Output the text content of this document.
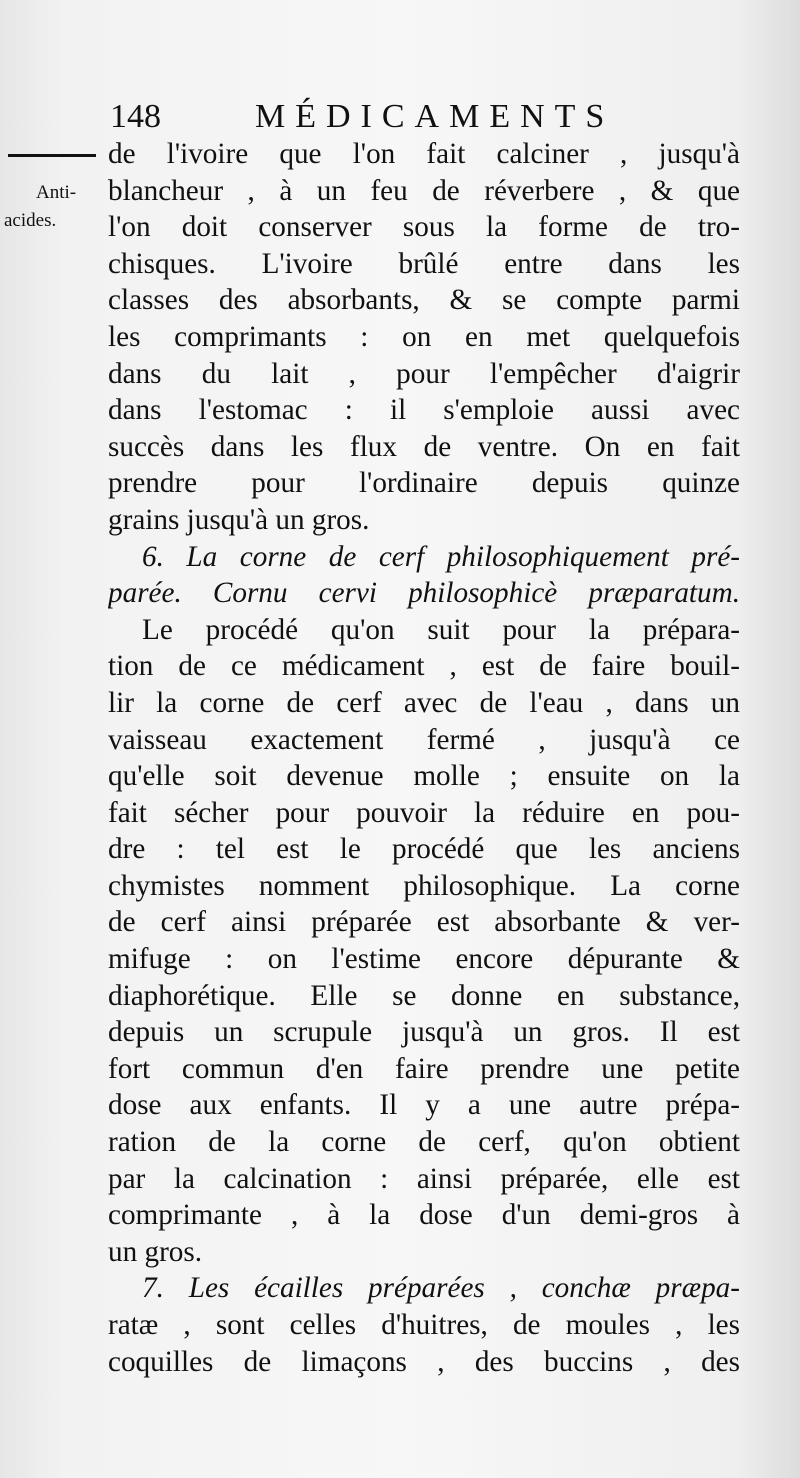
148	MÉDICAMENTS
Anti-
acides.
de l'ivoire que l'on fait calciner , jusqu'à
blancheur , à un feu de réverbere , & que
l'on doit conserver sous la forme de tro-
chisques. L'ivoire brûlé entre dans les
classes des absorbants, & se compte parmi
les comprimants : on en met quelquefois
dans du lait , pour l'empêcher d'aigrir
dans l'estomac : il s'emploie aussi avec
succès dans les flux de ventre. On en fait
prendre pour l'ordinaire depuis quinze
grains jusqu'à un gros.
6. La corne de cerf philosophiquement pré-
parée. Cornu cervi philosophicè præparatum.
Le procédé qu'on suit pour la prépara-
tion de ce médicament , est de faire bouil-
lir la corne de cerf avec de l'eau , dans un
vaisseau exactement fermé , jusqu'à ce
qu'elle soit devenue molle ; ensuite on la
fait sécher pour pouvoir la réduire en pou-
dre : tel est le procédé que les anciens
chymistes nomment philosophique. La corne
de cerf ainsi préparée est absorbante & ver-
mifuge : on l'estime encore dépurante &
diaphorétique. Elle se donne en substance,
depuis un scrupule jusqu'à un gros. Il est
fort commun d'en faire prendre une petite
dose aux enfants. Il y a une autre prépa-
ration de la corne de cerf, qu'on obtient
par la calcination : ainsi préparée, elle est
comprimante , à la dose d'un demi-gros à
un gros.
7. Les écailles préparées , conchæ præpa-
ratæ , sont celles d'huitres, de moules , les
coquilles de limaçons , des buccins , des
